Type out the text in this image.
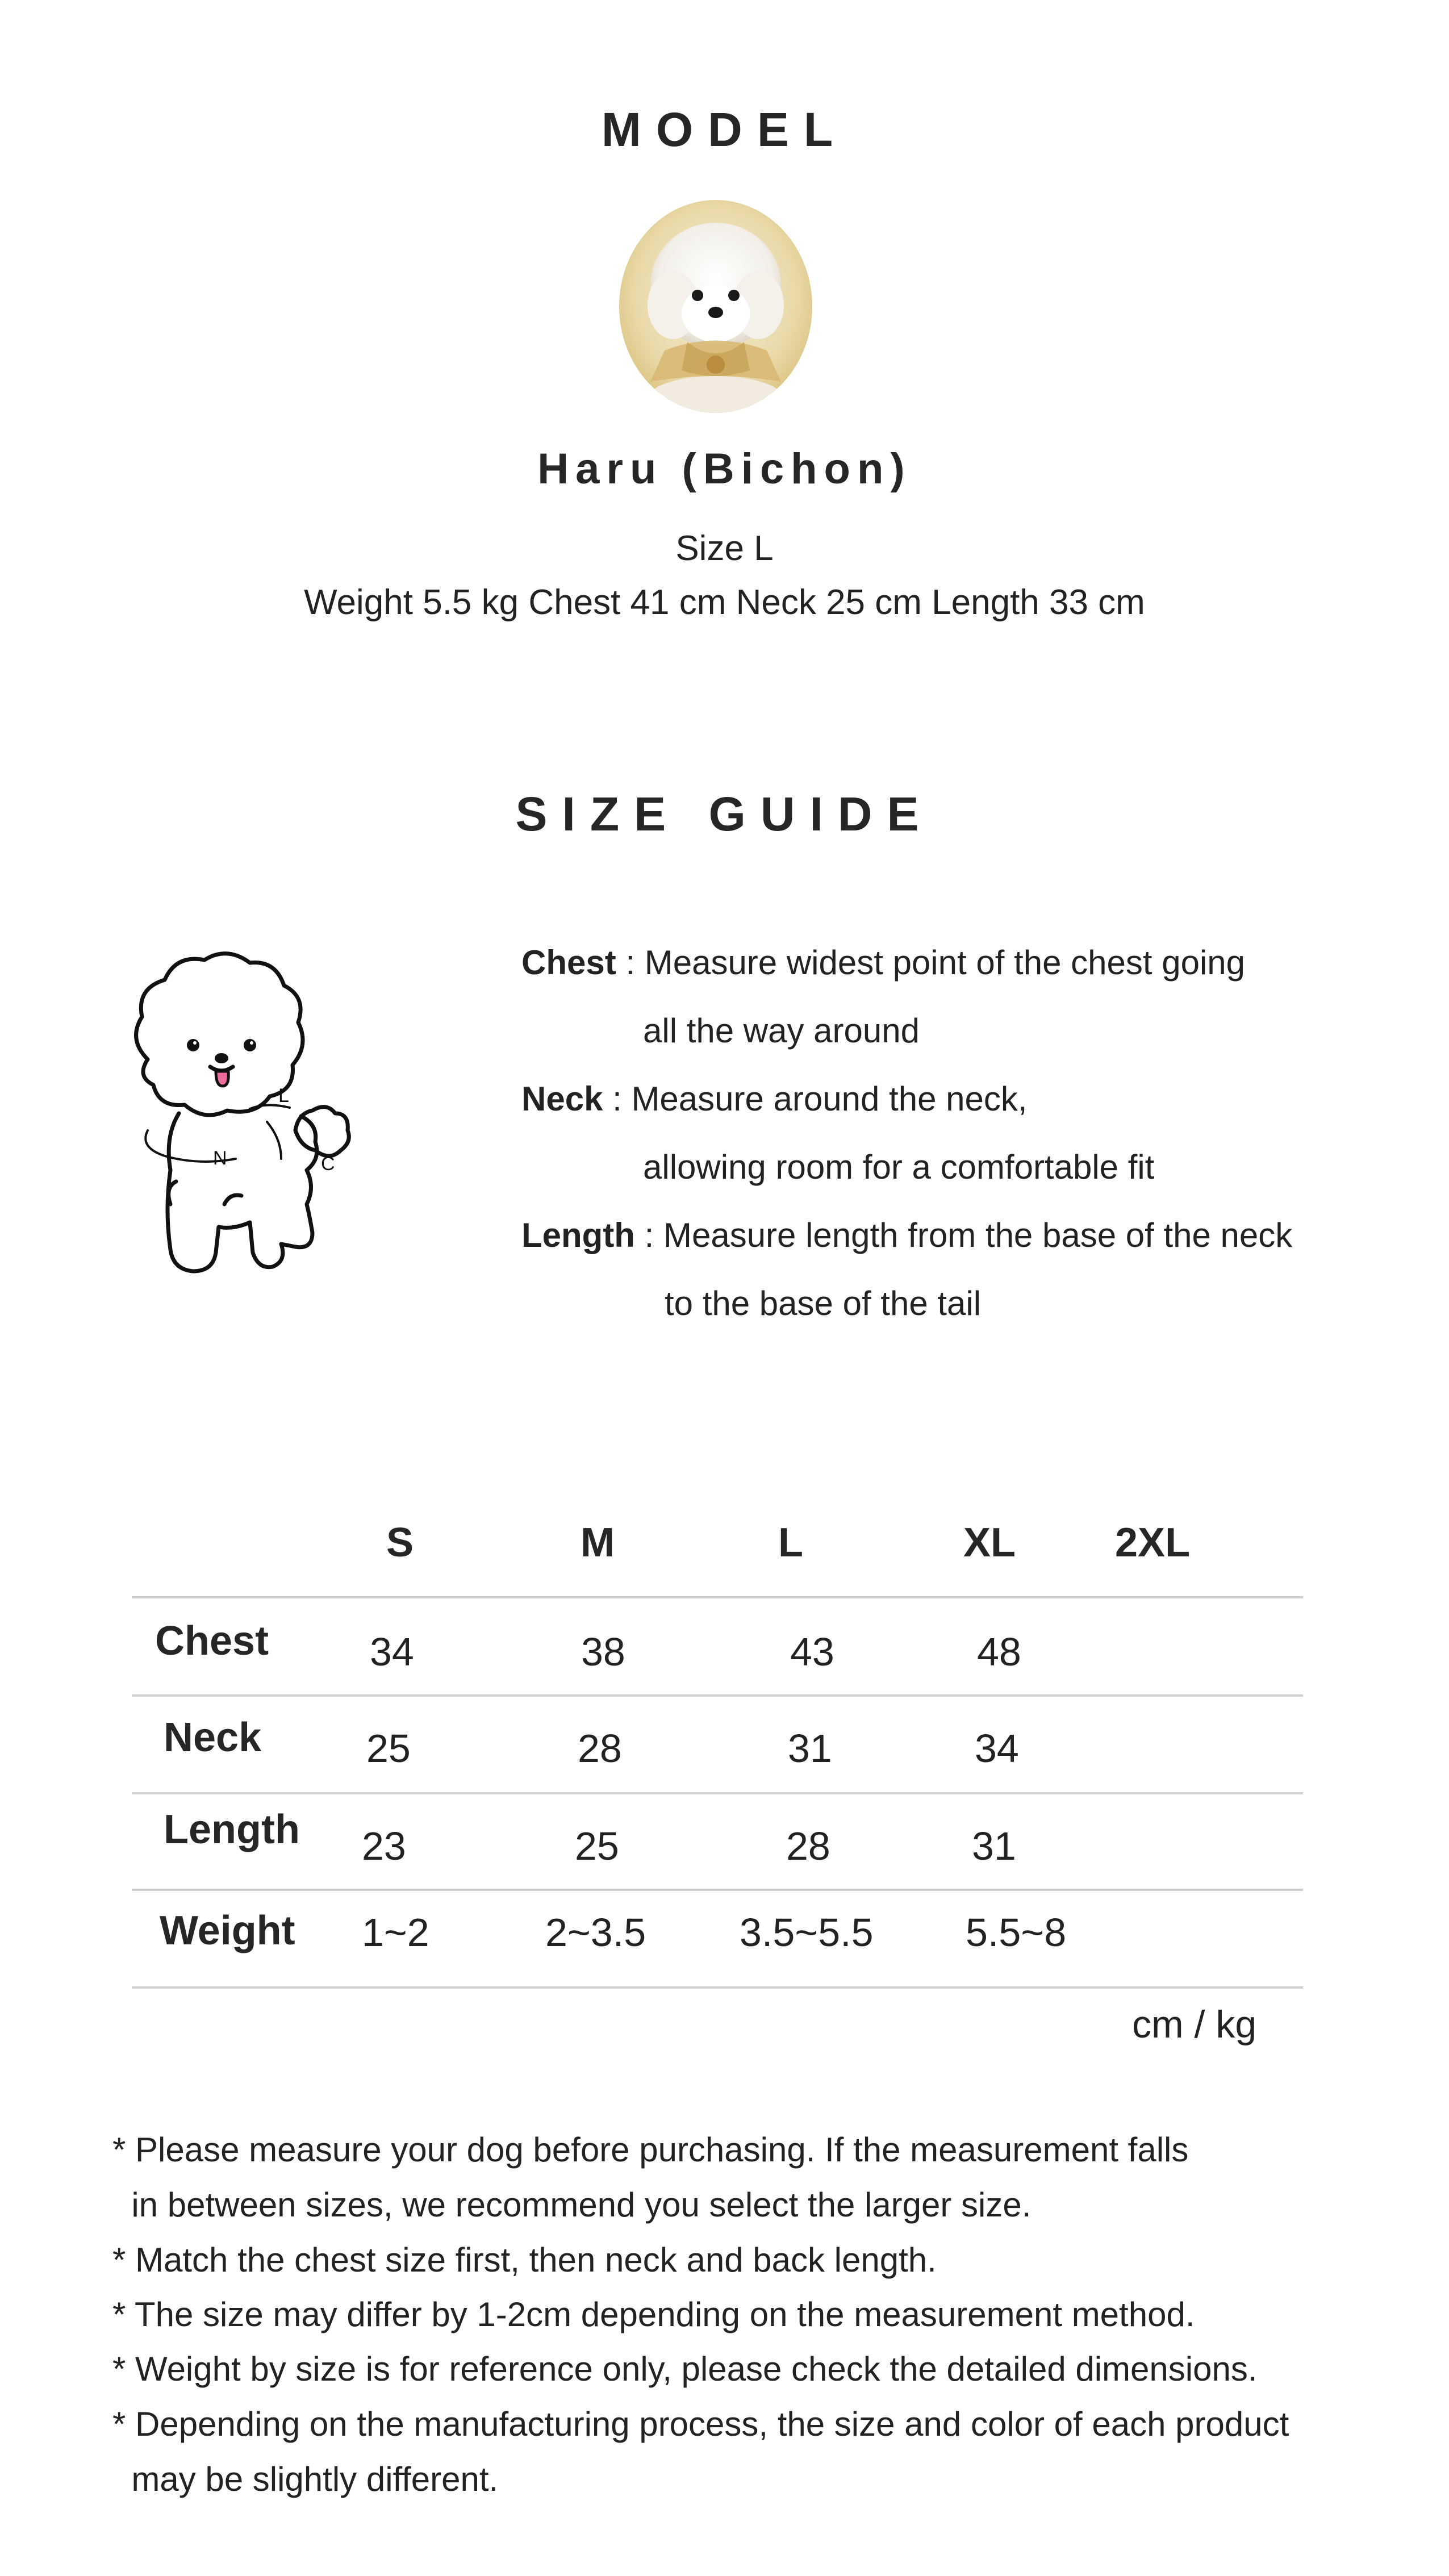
MODEL
Haru (Bichon)
Size L
Weight 5.5 kg Chest 41 cm Neck 25 cm Length 33 cm
SIZE GUIDE
N
L
C
Chest : Measure widest point of the chest going
all the way around
Neck : Measure around the neck,
allowing room for a comfortable fit
Length : Measure length from the base of the neck
to the base of the tail
S	M	L	XL 2XL
Chest	34	38	43	48
Neck	25	28	31	34
Length 23	25	28	31
Weight 1~2	2~3.5 3.5~5.5 5.5~8
cm / kg
* Please measure your dog before purchasing. If the measurement falls
in between sizes, we recommend you select the larger size.
* Match the chest size first, then neck and back length.
* The size may differ by 1-2cm depending on the measurement method.
* Weight by size is for reference only, please check the detailed dimensions.
* Depending on the manufacturing process, the size and color of each product
may be slightly different.
